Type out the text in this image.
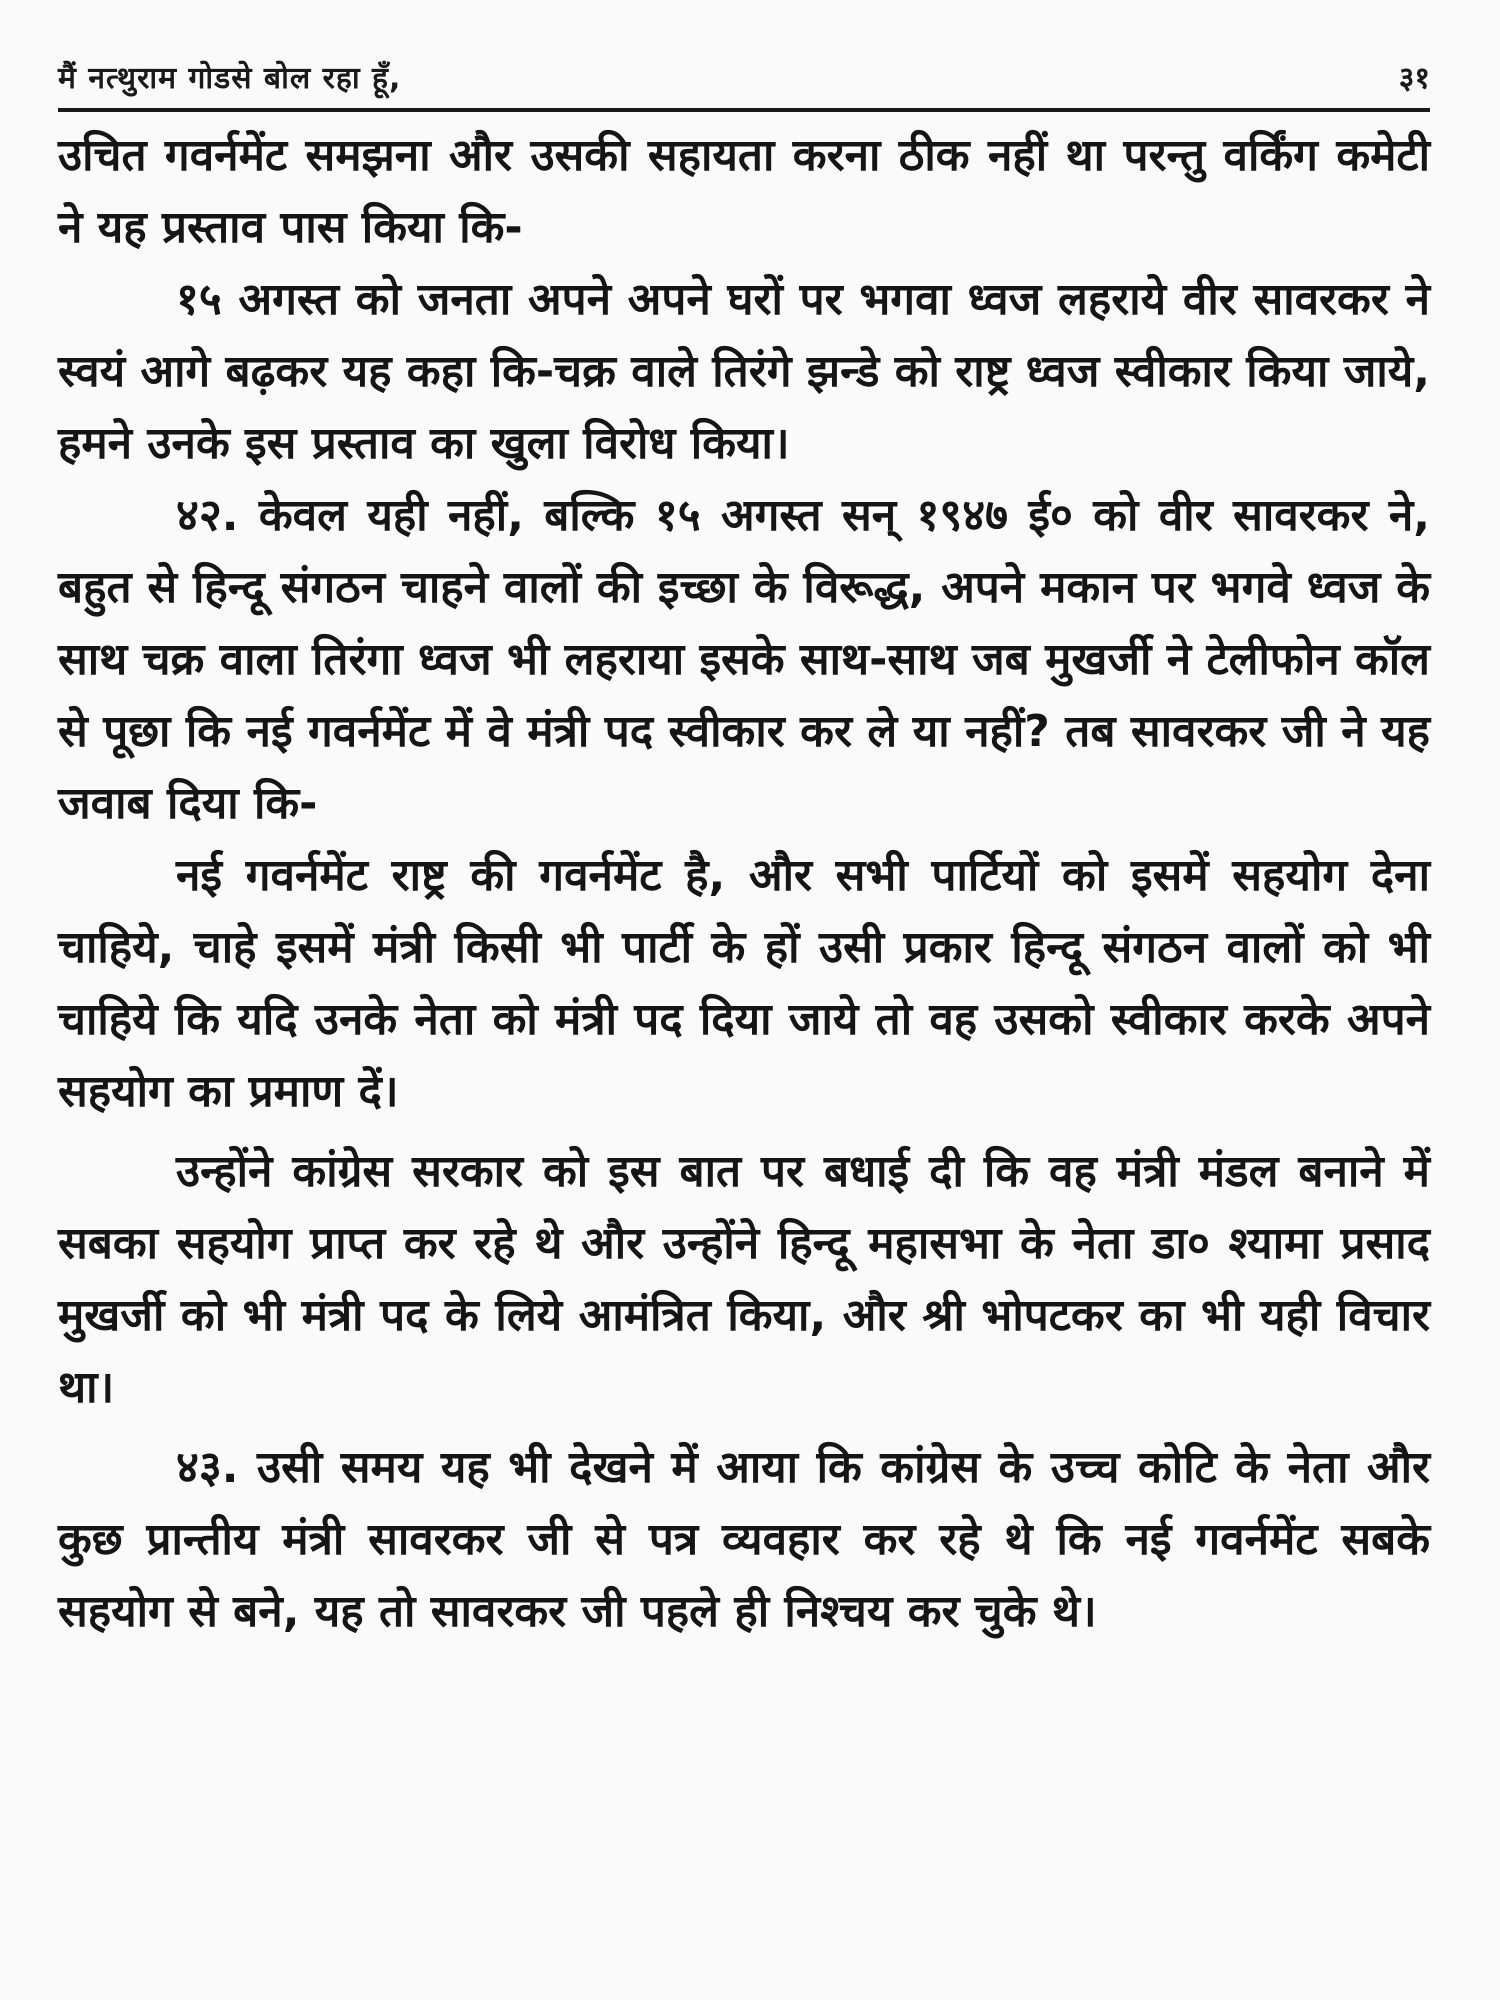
मैं नत्थुराम गोडसे बोल रहा हूँ,	३१

उचित गवर्नमेंट समझना और उसकी सहायता करना ठीक नहीं था परन्तु वर्किंग कमेटी ने यह प्रस्ताव पास किया कि-

१५ अगस्त को जनता अपने अपने घरों पर भगवा ध्वज लहराये वीर सावरकर ने स्वयं आगे बढ़कर यह कहा कि-चक्र वाले तिरंगे झन्डे को राष्ट्र ध्वज स्वीकार किया जाये, हमने उनके इस प्रस्ताव का खुला विरोध किया।

४२. केवल यही नहीं, बल्कि १५ अगस्त सन् १९४७ ई० को वीर सावरकर ने, बहुत से हिन्दू संगठन चाहने वालों की इच्छा के विरूद्ध, अपने मकान पर भगवे ध्वज के साथ चक्र वाला तिरंगा ध्वज भी लहराया इसके साथ-साथ जब मुखर्जी ने टेलीफोन कॉल से पूछा कि नई गवर्नमेंट में वे मंत्री पद स्वीकार कर ले या नहीं? तब सावरकर जी ने यह जवाब दिया कि-

नई गवर्नमेंट राष्ट्र की गवर्नमेंट है, और सभी पार्टियों को इसमें सहयोग देना चाहिये, चाहे इसमें मंत्री किसी भी पार्टी के हों उसी प्रकार हिन्दू संगठन वालों को भी चाहिये कि यदि उनके नेता को मंत्री पद दिया जाये तो वह उसको स्वीकार करके अपने सहयोग का प्रमाण दें।

उन्होंने कांग्रेस सरकार को इस बात पर बधाई दी कि वह मंत्री मंडल बनाने में सबका सहयोग प्राप्त कर रहे थे और उन्होंने हिन्दू महासभा के नेता डा० श्यामा प्रसाद मुखर्जी को भी मंत्री पद के लिये आमंत्रित किया, और श्री भोपटकर का भी यही विचार था।

४३. उसी समय यह भी देखने में आया कि कांग्रेस के उच्च कोटि के नेता और कुछ प्रान्तीय मंत्री सावरकर जी से पत्र व्यवहार कर रहे थे कि नई गवर्नमेंट सबके सहयोग से बने, यह तो सावरकर जी पहले ही निश्चय कर चुके थे।
